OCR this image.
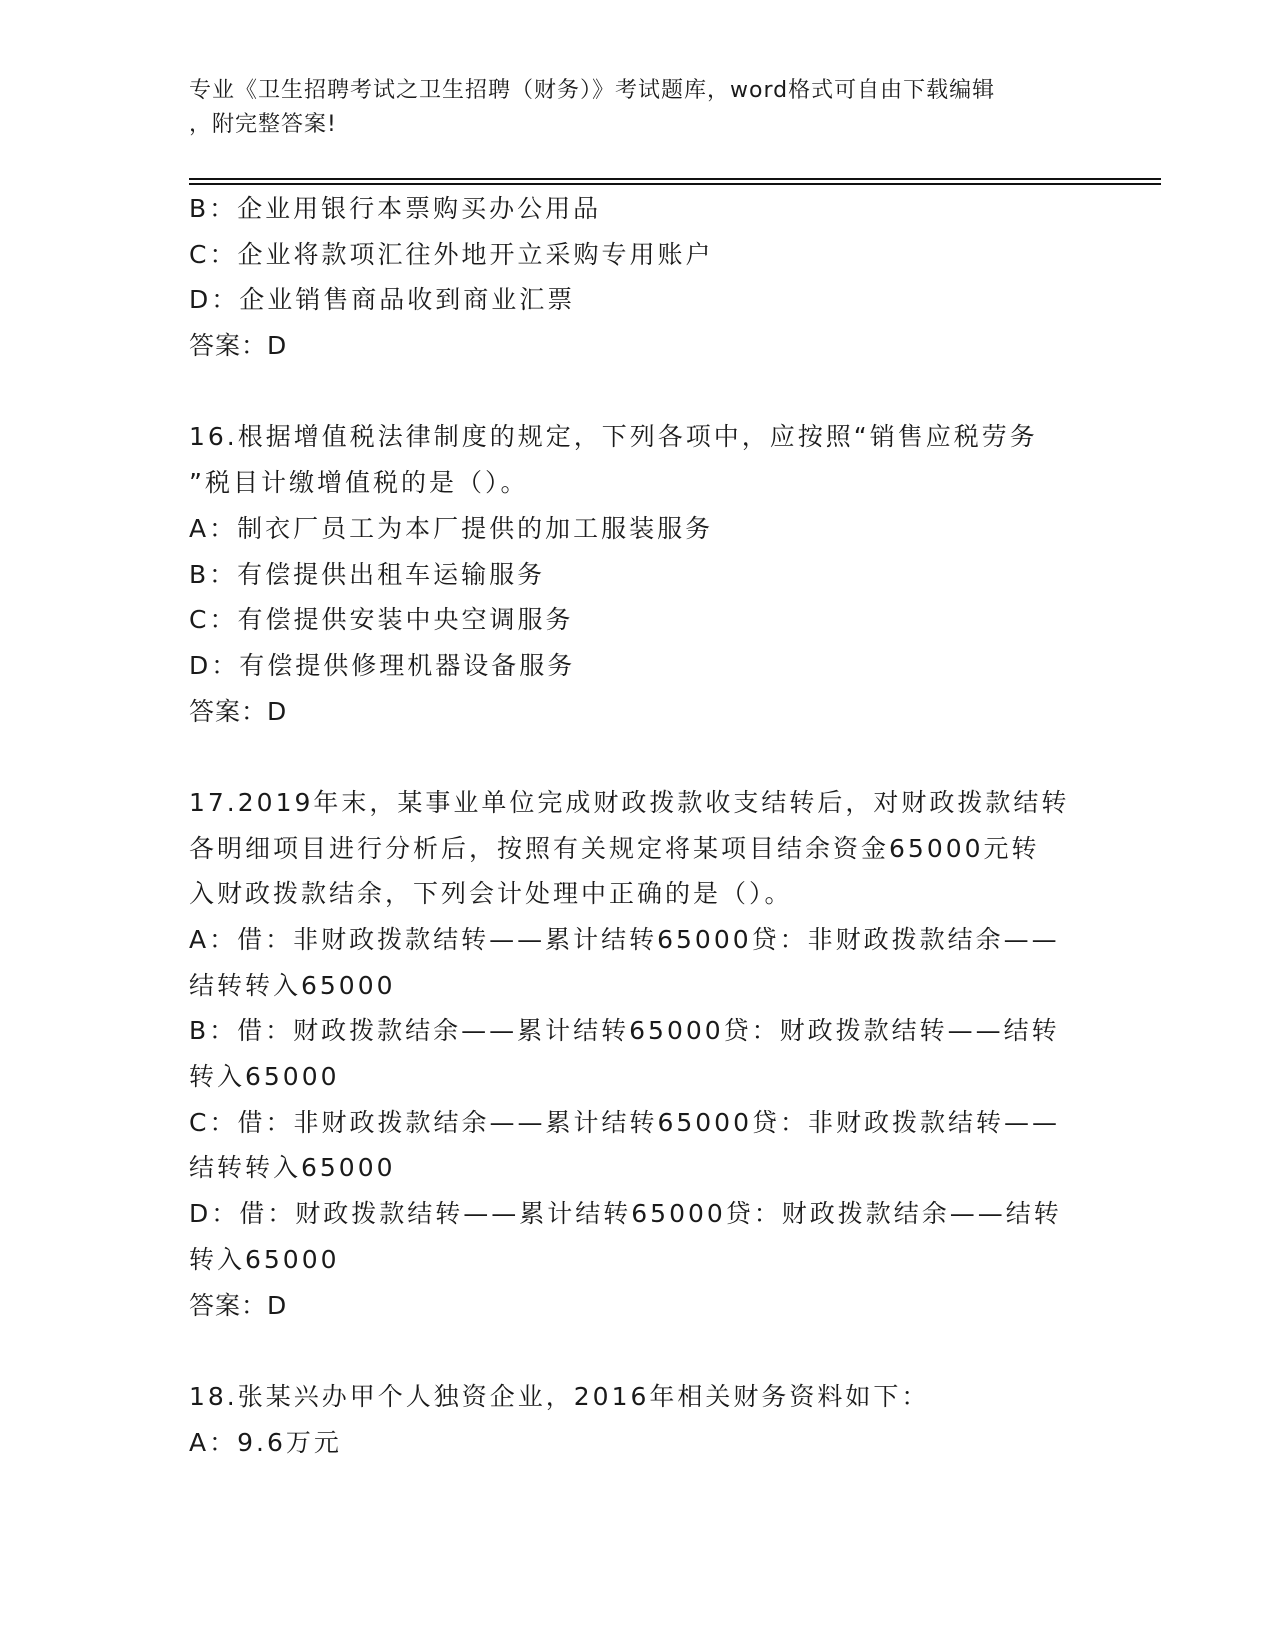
专业《卫生招聘考试之卫生招聘（财务）》考试题库，word格式可自由下载编辑
，附完整答案!
B：企业用银行本票购买办公用品
C：企业将款项汇往外地开立采购专用账户
D：企业销售商品收到商业汇票
答案：D
16.根据增值税法律制度的规定，下列各项中，应按照“销售应税劳务
”税目计缴增值税的是（）。
A：制衣厂员工为本厂提供的加工服装服务
B：有偿提供出租车运输服务
C：有偿提供安装中央空调服务
D：有偿提供修理机器设备服务
答案：D
17.2019年末，某事业单位完成财政拨款收支结转后，对财政拨款结转
各明细项目进行分析后，按照有关规定将某项目结余资金65000元转
入财政拨款结余，下列会计处理中正确的是（）。
A：借：非财政拨款结转——累计结转65000贷：非财政拨款结余——
结转转入65000
B：借：财政拨款结余——累计结转65000贷：财政拨款结转——结转
转入65000
C：借：非财政拨款结余——累计结转65000贷：非财政拨款结转——
结转转入65000
D：借：财政拨款结转——累计结转65000贷：财政拨款结余——结转
转入65000
答案：D
18.张某兴办甲个人独资企业，2016年相关财务资料如下：
A：9.6万元
